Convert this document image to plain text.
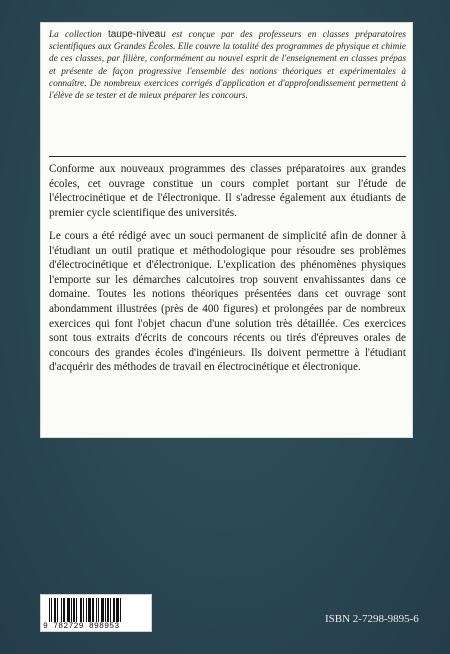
La collection taupe-niveau est conçue par des professeurs en classes préparatoires scientifiques aux Grandes Écoles. Elle couvre la totalité des programmes de physique et chimie de ces classes, par filière, conformément au nouvel esprit de l'enseignement en classes prépas et présente de façon progressive l'ensemble des notions théoriques et expérimentales à connaître. De nombreux exercices corrigés d'application et d'approfondissement permettent à l'élève de se tester et de mieux préparer les concours.

Conforme aux nouveaux programmes des classes préparatoires aux grandes écoles, cet ouvrage constitue un cours complet portant sur l'étude de l'électrocinétique et de l'électronique. Il s'adresse également aux étudiants de premier cycle scientifique des universités.

Le cours a été rédigé avec un souci permanent de simplicité afin de donner à l'étudiant un outil pratique et méthodologique pour résoudre ses problèmes d'électrocinétique et d'électronique. L'explication des phénomènes physiques l'emporte sur les démarches calcutoires trop souvent envahissantes dans ce domaine. Toutes les notions théoriques présentées dans cet ouvrage sont abondamment illustrées (près de 400 figures) et prolongées par de nombreux exercices qui font l'objet chacun d'une solution très détaillée. Ces exercices sont tous extraits d'écrits de concours récents ou tirés d'épreuves orales de concours des grandes écoles d'ingénieurs. Ils doivent permettre à l'étudiant d'acquérir des méthodes de travail en électrocinétique et électronique.

9 782729 898953
ISBN 2-7298-9895-6
